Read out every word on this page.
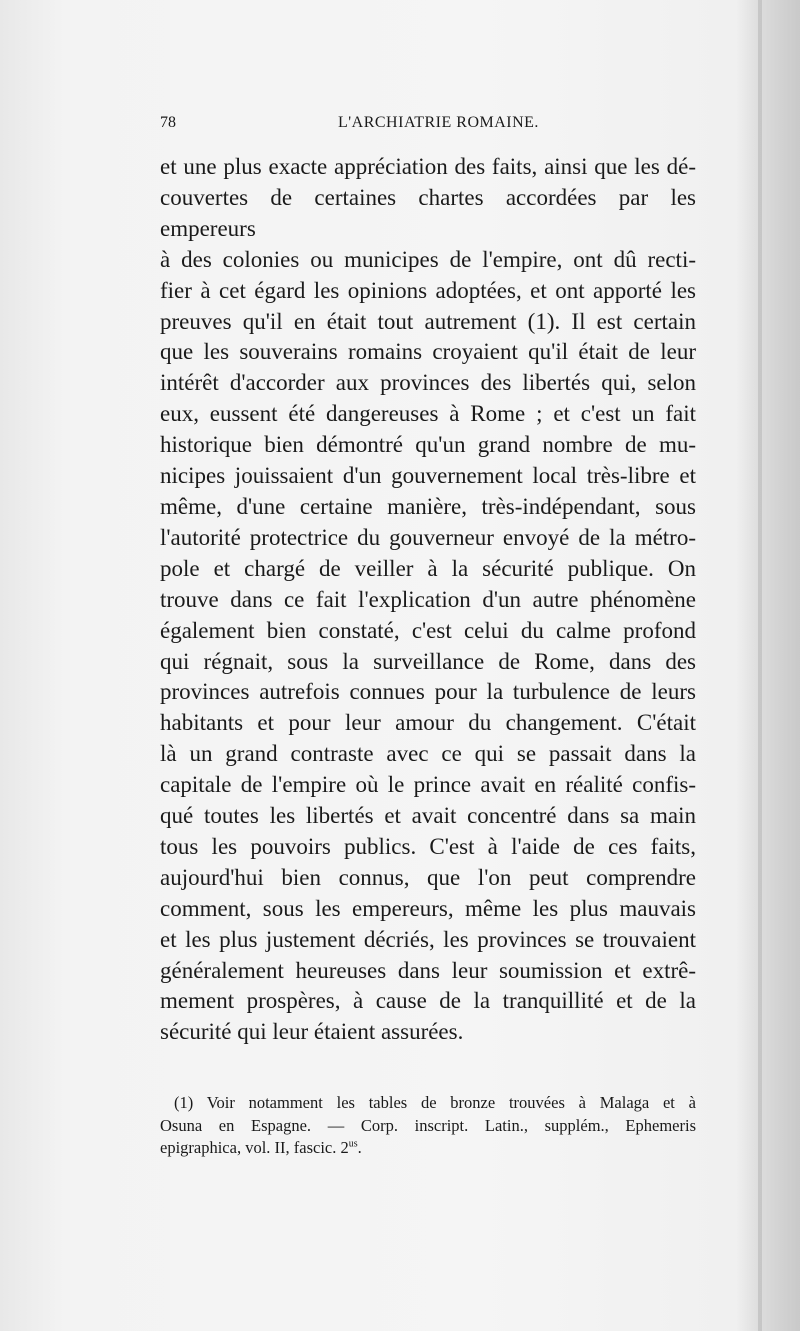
78	L'ARCHIATRIE ROMAINE.

et une plus exacte appréciation des faits, ainsi que les dé-
couvertes de certaines chartes accordées par les empereurs
à des colonies ou municipes de l'empire, ont dû recti-
fier à cet égard les opinions adoptées, et ont apporté les
preuves qu'il en était tout autrement (1). Il est certain
que les souverains romains croyaient qu'il était de leur
intérêt d'accorder aux provinces des libertés qui, selon
eux, eussent été dangereuses à Rome ; et c'est un fait
historique bien démontré qu'un grand nombre de mu-
nicipes jouissaient d'un gouvernement local très-libre et
même, d'une certaine manière, très-indépendant, sous
l'autorité protectrice du gouverneur envoyé de la métro-
pole et chargé de veiller à la sécurité publique. On
trouve dans ce fait l'explication d'un autre phénomène
également bien constaté, c'est celui du calme profond
qui régnait, sous la surveillance de Rome, dans des
provinces autrefois connues pour la turbulence de leurs
habitants et pour leur amour du changement. C'était
là un grand contraste avec ce qui se passait dans la
capitale de l'empire où le prince avait en réalité confis-
qué toutes les libertés et avait concentré dans sa main
tous les pouvoirs publics. C'est à l'aide de ces faits,
aujourd'hui bien connus, que l'on peut comprendre
comment, sous les empereurs, même les plus mauvais
et les plus justement décriés, les provinces se trouvaient
généralement heureuses dans leur soumission et extrê-
mement prospères, à cause de la tranquillité et de la
sécurité qui leur étaient assurées.

(1) Voir notamment les tables de bronze trouvées à Malaga et à
Osuna en Espagne. — Corp. inscript. Latin., supplém., Ephemeris
epigraphica, vol. II, fascic. $2^{us}$.
